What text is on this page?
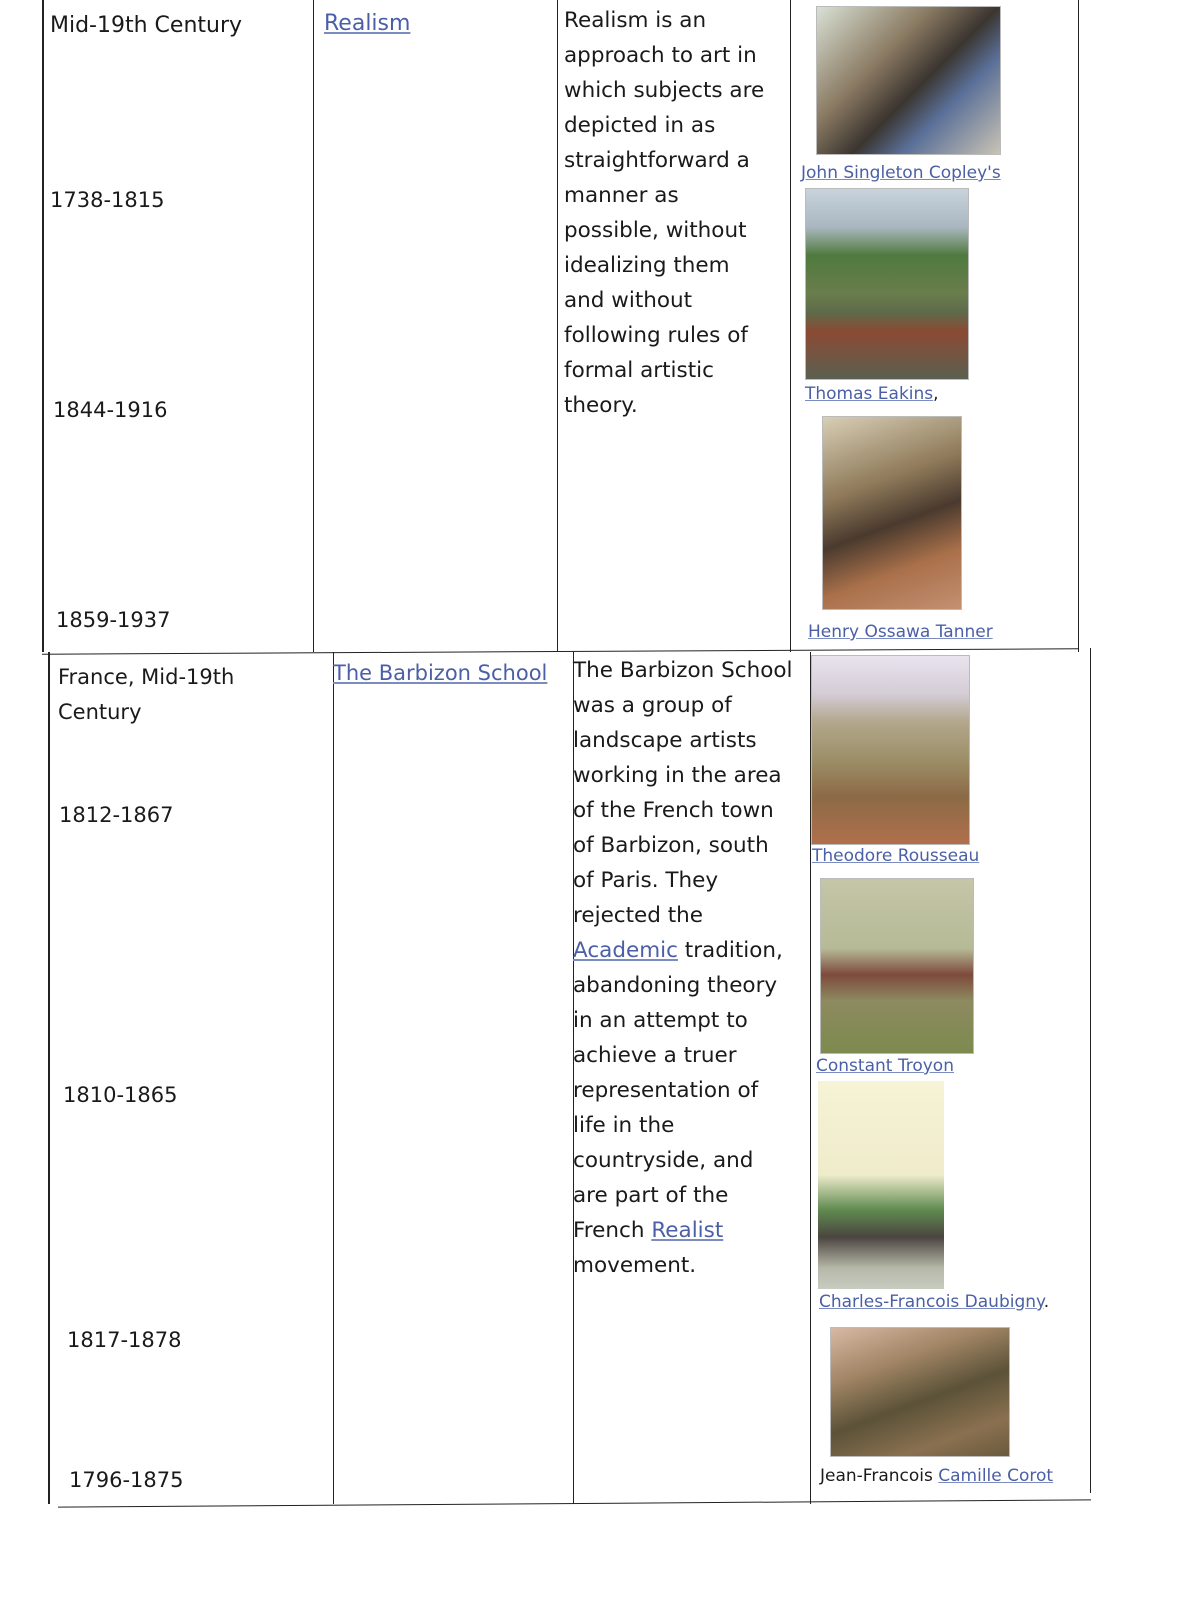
Mid-19th Century	Realism
1738-1815
1844-1916
1859-1937
Realism is an approach to art in which subjects are depicted in as straightforward a manner as possible, without idealizing them and without following rules of formal artistic theory.
John Singleton Copley's
Thomas Eakins,
Henry Ossawa Tanner
France, Mid-19th Century
The Barbizon School
1812-1867
1810-1865
1817-1878
1796-1875
The Barbizon School was a group of landscape artists working in the area of the French town of Barbizon, south of Paris. They rejected the Academic tradition, abandoning theory in an attempt to achieve a truer representation of life in the countryside, and are part of the French Realist movement.
Theodore Rousseau
Constant Troyon
Charles-Francois Daubigny.
Jean-Francois Camille Corot
